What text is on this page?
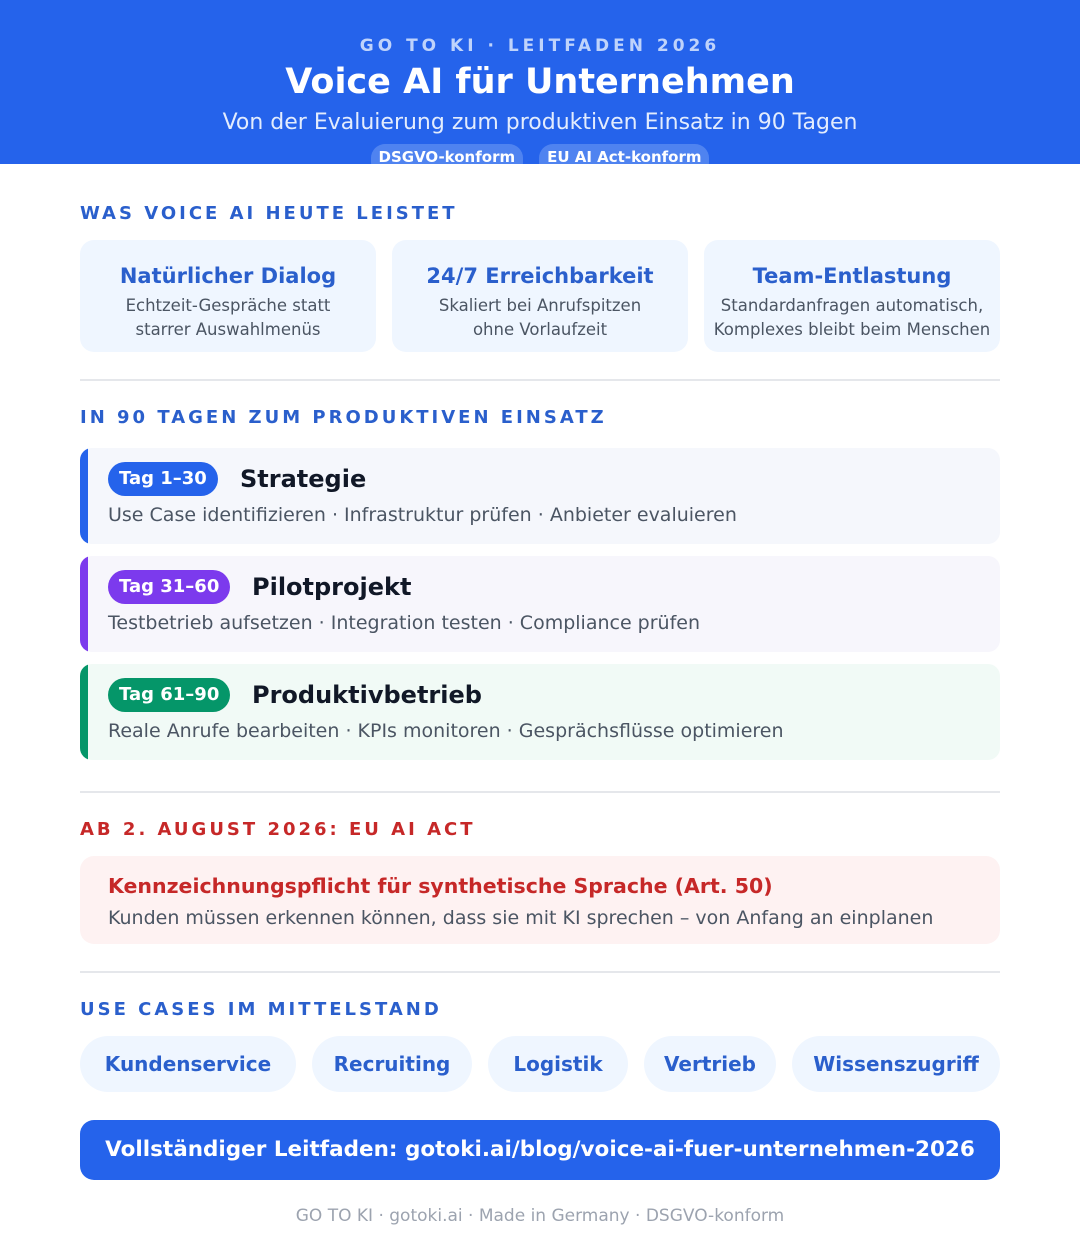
GO TO KI · LEITFADEN 2026
Voice AI für Unternehmen
Von der Evaluierung zum produktiven Einsatz in 90 Tagen
DSGVO-konform	EU AI Act-konform
WAS VOICE AI HEUTE LEISTET
Natürlicher Dialog
Echtzeit-Gespräche statt
starrer Auswahlmenüs
24/7 Erreichbarkeit
Skaliert bei Anrufspitzen
ohne Vorlaufzeit
Team-Entlastung
Standardanfragen automatisch,
Komplexes bleibt beim Menschen
IN 90 TAGEN ZUM PRODUKTIVEN EINSATZ
Tag 1–30	Strategie
Use Case identifizieren · Infrastruktur prüfen · Anbieter evaluieren
Tag 31–60	Pilotprojekt
Testbetrieb aufsetzen · Integration testen · Compliance prüfen
Tag 61–90	Produktivbetrieb
Reale Anrufe bearbeiten · KPIs monitoren · Gesprächsflüsse optimieren
AB 2. AUGUST 2026: EU AI ACT
Kennzeichnungspflicht für synthetische Sprache (Art. 50)
Kunden müssen erkennen können, dass sie mit KI sprechen – von Anfang an einplanen
USE CASES IM MITTELSTAND
Kundenservice	Recruiting	Logistik	Vertrieb	Wissenszugriff
Vollständiger Leitfaden: gotoki.ai/blog/voice-ai-fuer-unternehmen-2026
GO TO KI · gotoki.ai · Made in Germany · DSGVO-konform
